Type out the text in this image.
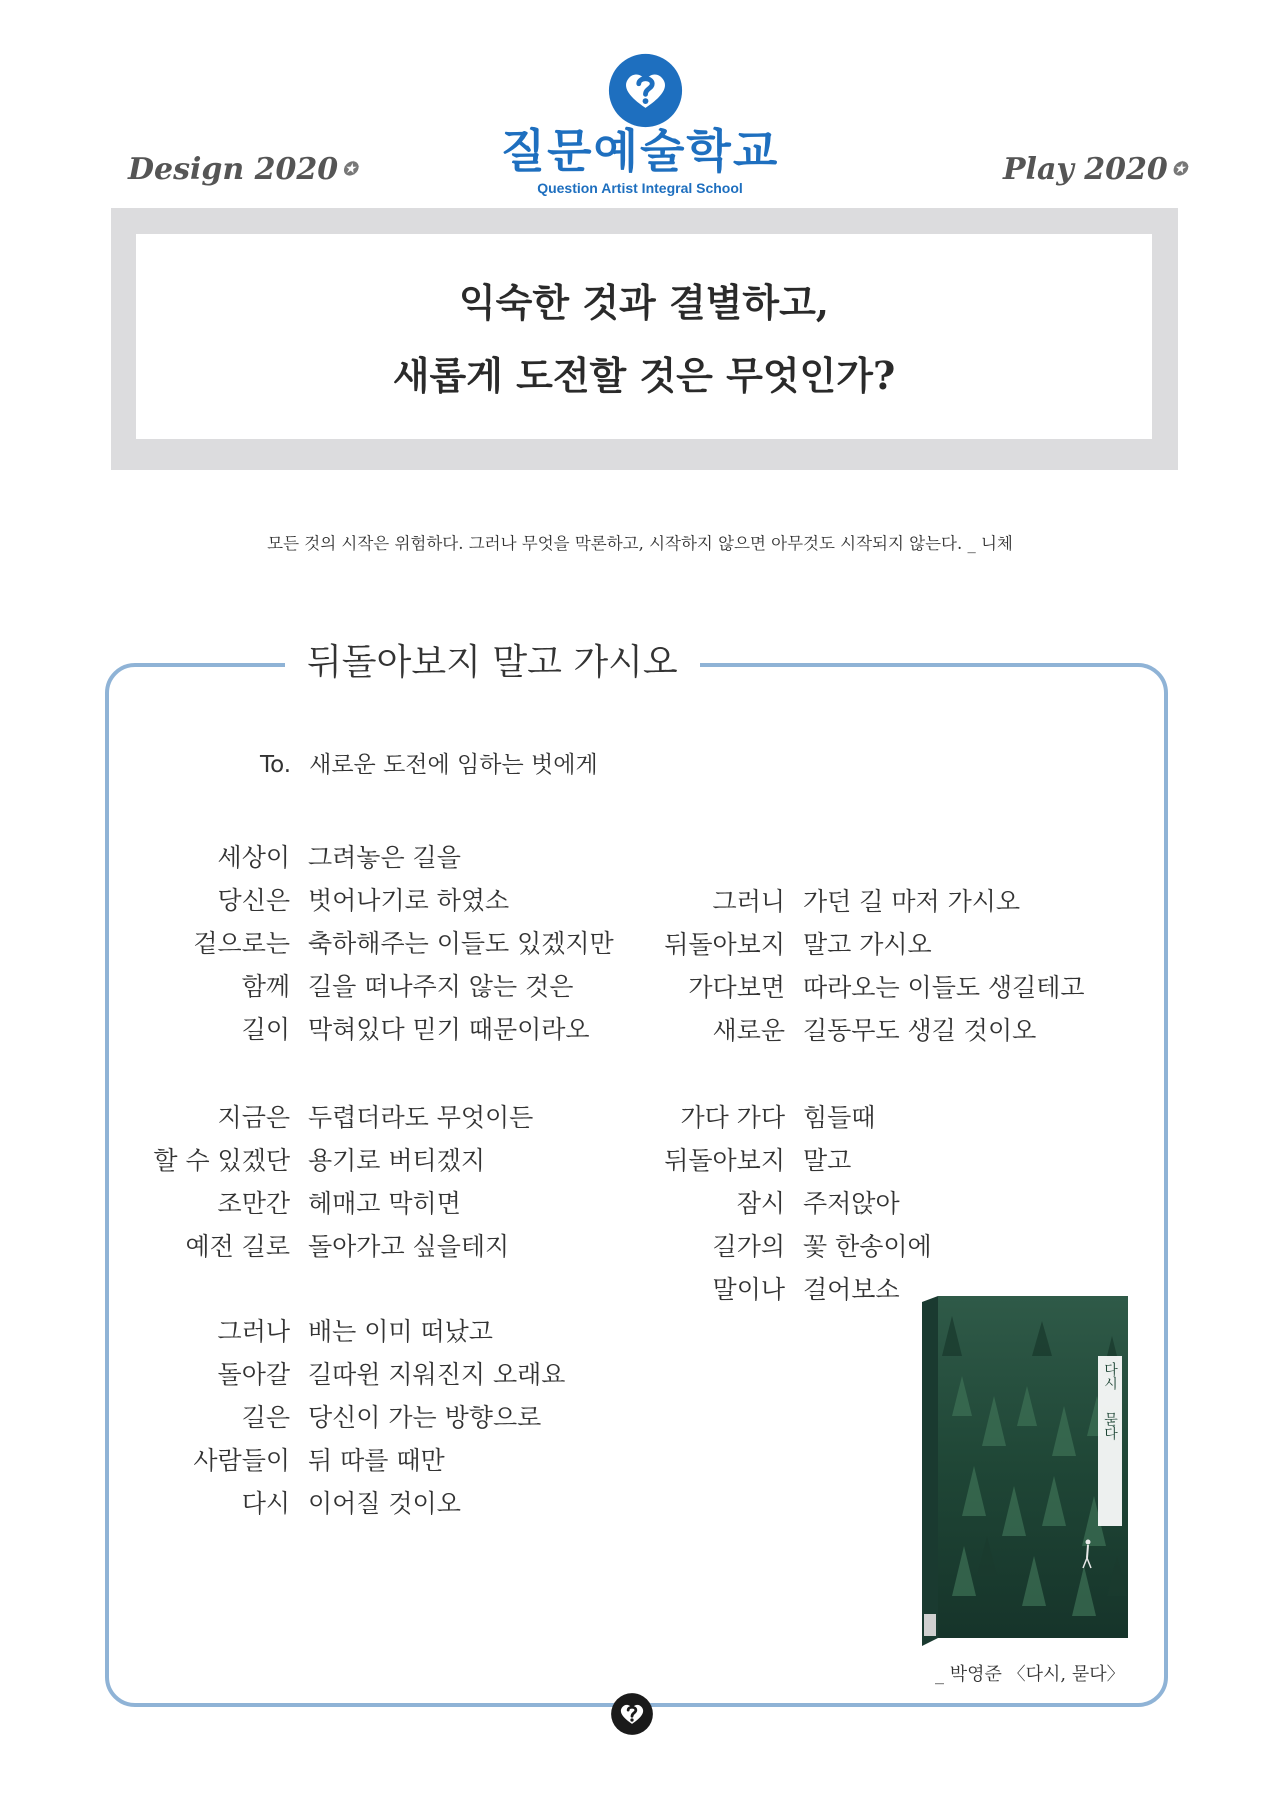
질문예술학교
Question Artist Integral School
Design 2020 ✪	Play 2020 ✪
익숙한 것과 결별하고,
새롭게 도전할 것은 무엇인가?
모든 것의 시작은 위험하다. 그러나 무엇을 막론하고, 시작하지 않으면 아무것도 시작되지 않는다. _ 니체
뒤돌아보지 말고 가시오
To. 새로운 도전에 임하는 벗에게
세상이 그려놓은 길을
당신은 벗어나기로 하였소
겉으로는 축하해주는 이들도 있겠지만
함께 길을 떠나주지 않는 것은
길이 막혀있다 믿기 때문이라오
지금은 두렵더라도 무엇이든
할 수 있겠단 용기로 버티겠지
조만간 헤매고 막히면
예전 길로 돌아가고 싶을테지
그러나 배는 이미 떠났고
돌아갈 길따윈 지워진지 오래요
길은 당신이 가는 방향으로
사람들이 뒤 따를 때만
다시 이어질 것이오
그러니 가던 길 마저 가시오
뒤돌아보지 말고 가시오
가다보면 따라오는 이들도 생길테고
새로운 길동무도 생길 것이오
가다 가다 힘들때
뒤돌아보지 말고
잠시 주저앉아
길가의 꽃 한송이에
말이나 걸어보소
다시
묻다
_ 박영준 〈다시, 묻다〉
